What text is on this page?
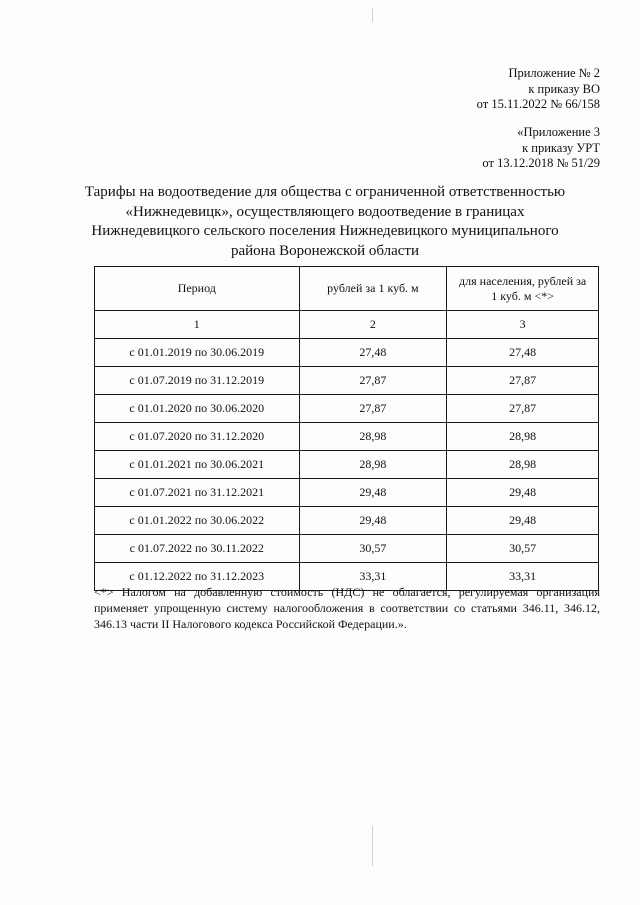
Приложение № 2
к приказу ВО
от 15.11.2022 № 66/158
«Приложение 3
к приказу УРТ
от 13.12.2018 № 51/29
Тарифы на водоотведение для общества с ограниченной ответственностью
«Нижнедевицк», осуществляющего водоотведение в границах
Нижнедевицкого сельского поселения Нижнедевицкого муниципального
района Воронежской области
Период	рублей за 1 куб. м	для населения, рублей за
1 куб. м <*>
1	2	3
с 01.01.2019 по 30.06.2019	27,48	27,48
с 01.07.2019 по 31.12.2019	27,87	27,87
с 01.01.2020 по 30.06.2020	27,87	27,87
с 01.07.2020 по 31.12.2020	28,98	28,98
с 01.01.2021 по 30.06.2021	28,98	28,98
с 01.07.2021 по 31.12.2021	29,48	29,48
с 01.01.2022 по 30.06.2022	29,48	29,48
с 01.07.2022 по 30.11.2022	30,57	30,57
с 01.12.2022 по 31.12.2023	33,31	33,31
<*> Налогом на добавленную стоимость (НДС) не облагается, регулируемая организация применяет упрощенную систему налогообложения в соответствии со статьями 346.11, 346.12, 346.13 части II Налогового кодекса Российской Федерации.».
